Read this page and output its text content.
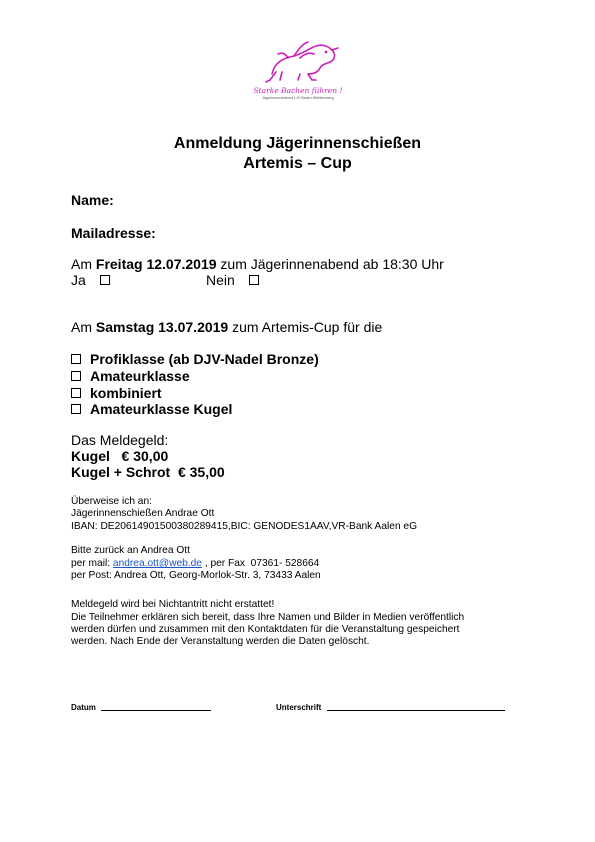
Starke Bachen führen !
Jägerinnenverbund LJV Baden-Württemberg
Anmeldung Jägerinnenschießen
Artemis – Cup
Name:
Mailadresse:
Am Freitag 12.07.2019 zum Jägerinnenabend ab 18:30 Uhr
Ja	Nein
Am Samstag 13.07.2019 zum Artemis-Cup für die
Profiklasse (ab DJV-Nadel Bronze)
Amateurklasse
kombiniert
Amateurklasse Kugel
Das Meldegeld:
Kugel   € 30,00
Kugel + Schrot  € 35,00
Überweise ich an:
Jägerinnenschießen Andrae Ott
IBAN: DE20614901500380289415,BIC: GENODES1AAV,VR-Bank Aalen eG
Bitte zurück an Andrea Ott
per mail: andrea.ott@web.de , per Fax  07361- 528664
per Post: Andrea Ott, Georg-Morlok-Str. 3, 73433 Aalen
Meldegeld wird bei Nichtantritt nicht erstattet!
Die Teilnehmer erklären sich bereit, dass Ihre Namen und Bilder in Medien veröffentlich
werden dürfen und zusammen mit den Kontaktdaten für die Veranstaltung gespeichert
werden. Nach Ende der Veranstaltung werden die Daten gelöscht.
Datum	Unterschrift
